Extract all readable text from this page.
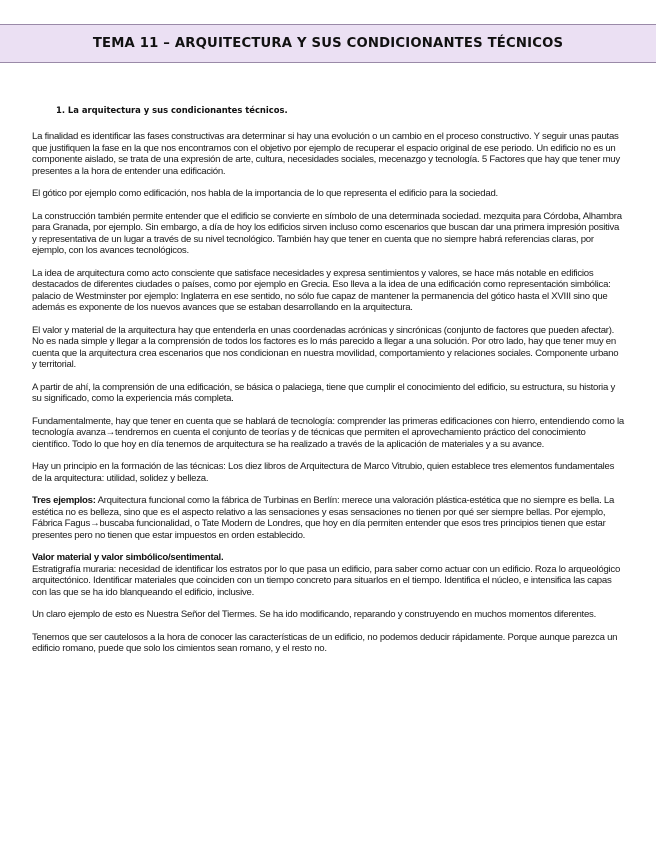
TEMA 11 – ARQUITECTURA Y SUS CONDICIONANTES TÉCNICOS
1. La arquitectura y sus condicionantes técnicos.

La finalidad es identificar las fases constructivas ara determinar si hay una evolución o un cambio en el proceso constructivo. Y seguir unas pautas que justifiquen la fase en la que nos encontramos con el objetivo por ejemplo de recuperar el espacio original de ese periodo. Un edificio no es un componente aislado, se trata de una expresión de arte, cultura, necesidades sociales, mecenazgo y tecnología. 5 Factores que hay que tener muy presentes a la hora de entender una edificación.

El gótico por ejemplo como edificación, nos habla de la importancia de lo que representa el edificio para la sociedad.

La construcción también permite entender que el edificio se convierte en símbolo de una determinada sociedad. mezquita para Córdoba, Alhambra para Granada, por ejemplo. Sin embargo, a día de hoy los edificios sirven incluso como escenarios que buscan dar una primera impresión positiva y representativa de un lugar a través de su nivel tecnológico. También hay que tener en cuenta que no siempre habrá referencias claras, por ejemplo, con los avances tecnológicos.

La idea de arquitectura como acto consciente que satisface necesidades y expresa sentimientos y valores, se hace más notable en edificios destacados de diferentes ciudades o países, como por ejemplo en Grecia. Eso lleva a la idea de una edificación como representación simbólica: palacio de Westminster por ejemplo: Inglaterra en ese sentido, no sólo fue capaz de mantener la permanencia del gótico hasta el XVIII sino que además es exponente de los nuevos avances que se estaban desarrollando en la arquitectura.

El valor y material de la arquitectura hay que entenderla en unas coordenadas acrónicas y sincrónicas (conjunto de factores que pueden afectar). No es nada simple y llegar a la comprensión de todos los factores es lo más parecido a llegar a una solución. Por otro lado, hay que tener muy en cuenta que la arquitectura crea escenarios que nos condicionan en nuestra movilidad, comportamiento y relaciones sociales. Componente urbano y territorial.

A partir de ahí, la comprensión de una edificación, se básica o palaciega, tiene que cumplir el conocimiento del edificio, su estructura, su historia y su significado, como la experiencia más completa.

Fundamentalmente, hay que tener en cuenta que se hablará de tecnología: comprender las primeras edificaciones con hierro, entendiendo como la tecnología avanza→tendremos en cuenta el conjunto de teorías y de técnicas que permiten el aprovechamiento práctico del conocimiento científico. Todo lo que hoy en día tenemos de arquitectura se ha realizado a través de la aplicación de materiales y a su avance.

Hay un principio en la formación de las técnicas: Los diez libros de Arquitectura de Marco Vitrubio, quien establece tres elementos fundamentales de la arquitectura: utilidad, solidez y belleza.

Tres ejemplos: Arquitectura funcional como la fábrica de Turbinas en Berlín: merece una valoración plástica-estética que no siempre es bella. La estética no es belleza, sino que es el aspecto relativo a las sensaciones y esas sensaciones no tienen por qué ser siempre bellas. Por ejemplo, Fábrica Fagus→buscaba funcionalidad, o Tate Modern de Londres, que hoy en día permiten entender que esos tres principios tienen que estar presentes pero no tienen que estar impuestos en orden establecido.

Valor material y valor simbólico/sentimental.
Estratigrafía muraria: necesidad de identificar los estratos por lo que pasa un edificio, para saber como actuar con un edificio. Roza lo arqueológico arquitectónico. Identificar materiales que coinciden con un tiempo concreto para situarlos en el tiempo. Identifica el núcleo, e intensifica las capas con las que se ha ido blanqueando el edificio, inclusive.

Un claro ejemplo de esto es Nuestra Señor del Tiermes. Se ha ido modificando, reparando y construyendo en muchos momentos diferentes.

Tenemos que ser cautelosos a la hora de conocer las características de un edificio, no podemos deducir rápidamente. Porque aunque parezca un edificio romano, puede que solo los cimientos sean romano, y el resto no.
